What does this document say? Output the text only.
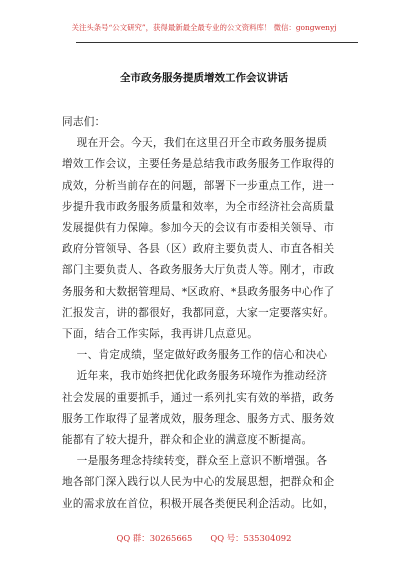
关注头条号“公文研究”，获得最新最全最专业的公文资料库！ 微信：gongwenyj
全市政务服务提质增效工作会议讲话

同志们：

现在开会。今天，我们在这里召开全市政务服务提质

增效工作会议，主要任务是总结我市政务服务工作取得的

成效，分析当前存在的问题，部署下一步重点工作，进一

步提升我市政务服务质量和效率，为全市经济社会高质量

发展提供有力保障。参加今天的会议有市委相关领导、市

政府分管领导、各县（区）政府主要负责人、市直各相关

部门主要负责人、各政务服务大厅负责人等。刚才，市政

务服务和大数据管理局、*区政府、*县政务服务中心作了

汇报发言，讲的都很好，我都同意，大家一定要落实好。

下面，结合工作实际，我再讲几点意见。

一、肯定成绩，坚定做好政务服务工作的信心和决心

近年来，我市始终把优化政务服务环境作为推动经济

社会发展的重要抓手，通过一系列扎实有效的举措，政务

服务工作取得了显著成效，服务理念、服务方式、服务效

能都有了较大提升，群众和企业的满意度不断提高。

一是服务理念持续转变，群众至上意识不断增强。各

地各部门深入践行以人民为中心的发展思想，把群众和企

业的需求放在首位，积极开展各类便民利企活动。比如，

QQ 群：30265665 QQ 号：535304092
